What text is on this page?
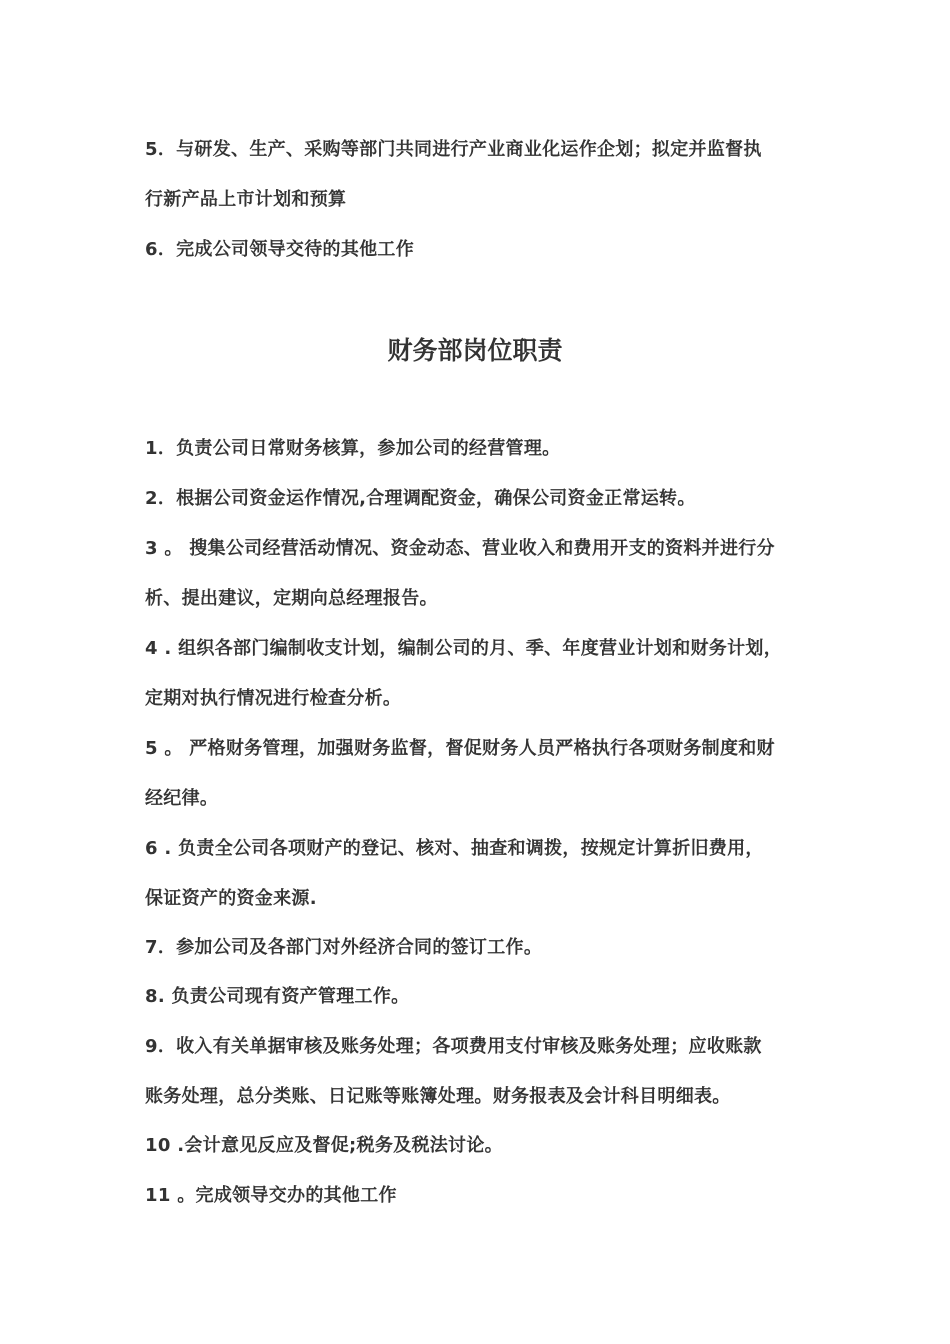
5．与研发、生产、采购等部门共同进行产业商业化运作企划；拟定并监督执
行新产品上市计划和预算
6．完成公司领导交待的其他工作
财务部岗位职责
1．负责公司日常财务核算，参加公司的经营管理。
2．根据公司资金运作情况,合理调配资金，确保公司资金正常运转。
3 。 搜集公司经营活动情况、资金动态、营业收入和费用开支的资料并进行分
析、提出建议，定期向总经理报告。
4 . 组织各部门编制收支计划，编制公司的月、季、年度营业计划和财务计划，
定期对执行情况进行检查分析。
5 。 严格财务管理，加强财务监督，督促财务人员严格执行各项财务制度和财
经纪律。
6 . 负责全公司各项财产的登记、核对、抽查和调拨，按规定计算折旧费用，
保证资产的资金来源.
7．参加公司及各部门对外经济合同的签订工作。
8. 负责公司现有资产管理工作。
9．收入有关单据审核及账务处理；各项费用支付审核及账务处理；应收账款
账务处理，总分类账、日记账等账簿处理。财务报表及会计科目明细表。
10 .会计意见反应及督促;税务及税法讨论。
11 。完成领导交办的其他工作
